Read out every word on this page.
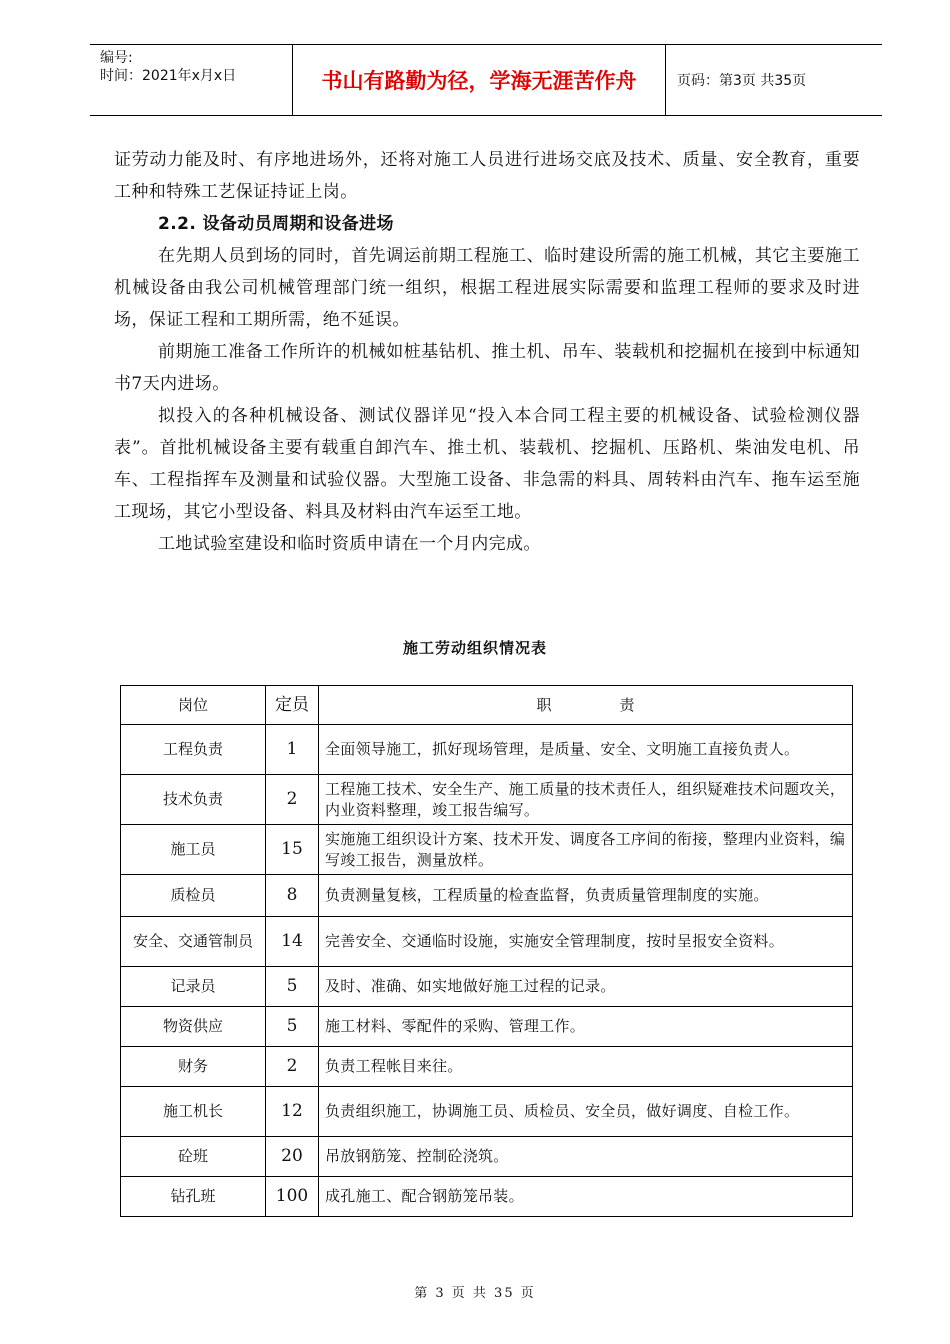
编号:
时间：2021年x月x日	书山有路勤为径，学海无涯苦作舟	页码：第3页 共35页

证劳动力能及时、有序地进场外，还将对施工人员进行进场交底及技术、质量、安全教育，重要工种和特殊工艺保证持证上岗。

2.2. 设备动员周期和设备进场

在先期人员到场的同时，首先调运前期工程施工、临时建设所需的施工机械，其它主要施工机械设备由我公司机械管理部门统一组织，根据工程进展实际需要和监理工程师的要求及时进场，保证工程和工期所需，绝不延误。

前期施工准备工作所许的机械如桩基钻机、推土机、吊车、装载机和挖掘机在接到中标通知书7天内进场。

拟投入的各种机械设备、测试仪器详见“投入本合同工程主要的机械设备、试验检测仪器表”。首批机械设备主要有载重自卸汽车、推土机、装载机、挖掘机、压路机、柴油发电机、吊车、工程指挥车及测量和试验仪器。大型施工设备、非急需的料具、周转料由汽车、拖车运至施工现场，其它小型设备、料具及材料由汽车运至工地。

工地试验室建设和临时资质申请在一个月内完成。

施工劳动组织情况表
岗位	定员	职 责
工程负责	1	全面领导施工，抓好现场管理，是质量、安全、文明施工直接负责人。
技术负责	2	工程施工技术、安全生产、施工质量的技术责任人，组织疑难技术问题攻关，内业资料整理，竣工报告编写。
施工员	15	实施施工组织设计方案、技术开发、调度各工序间的衔接，整理内业资料，编写竣工报告，测量放样。
质检员	8	负责测量复核，工程质量的检查监督，负责质量管理制度的实施。
安全、交通管制员	14	完善安全、交通临时设施，实施安全管理制度，按时呈报安全资料。
记录员	5	及时、准确、如实地做好施工过程的记录。
物资供应	5	施工材料、零配件的采购、管理工作。
财务	2	负责工程帐目来往。
施工机长	12	负责组织施工，协调施工员、质检员、安全员，做好调度、自检工作。
砼班	20	吊放钢筋笼、控制砼浇筑。
钻孔班	100	成孔施工、配合钢筋笼吊装。
第 3 页 共 35 页
